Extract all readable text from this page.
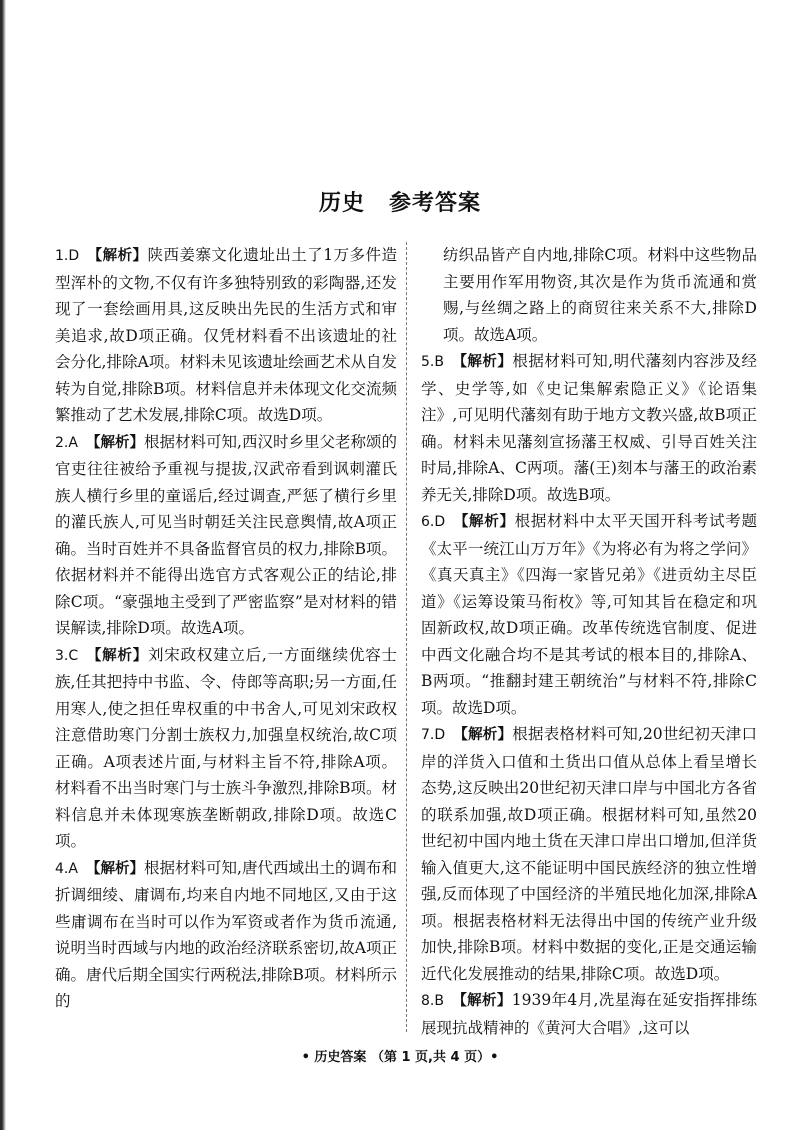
历史 参考答案
1.D 【解析】陕西姜寨文化遗址出土了1万多件造型浑朴的文物,不仅有许多独特别致的彩陶器,还发现了一套绘画用具,这反映出先民的生活方式和审美追求,故D项正确。仅凭材料看不出该遗址的社会分化,排除A项。材料未见该遗址绘画艺术从自发转为自觉,排除B项。材料信息并未体现文化交流频繁推动了艺术发展,排除C项。故选D项。
2.A 【解析】根据材料可知,西汉时乡里父老称颂的官吏往往被给予重视与提拔,汉武帝看到讽刺灌氏族人横行乡里的童谣后,经过调查,严惩了横行乡里的灌氏族人,可见当时朝廷关注民意舆情,故A项正确。当时百姓并不具备监督官员的权力,排除B项。依据材料并不能得出选官方式客观公正的结论,排除C项。“豪强地主受到了严密监察”是对材料的错误解读,排除D项。故选A项。
3.C 【解析】刘宋政权建立后,一方面继续优容士族,任其把持中书监、令、侍郎等高职;另一方面,任用寒人,使之担任卑权重的中书舍人,可见刘宋政权注意借助寒门分割士族权力,加强皇权统治,故C项正确。A项表述片面,与材料主旨不符,排除A项。材料看不出当时寒门与士族斗争激烈,排除B项。材料信息并未体现寒族垄断朝政,排除D项。故选C项。
4.A 【解析】根据材料可知,唐代西域出土的调布和折调细绫、庸调布,均来自内地不同地区,又由于这些庸调布在当时可以作为军资或者作为货币流通,说明当时西域与内地的政治经济联系密切,故A项正确。唐代后期全国实行两税法,排除B项。材料所示的
纺织品皆产自内地,排除C项。材料中这些物品主要用作军用物资,其次是作为货币流通和赏赐,与丝绸之路上的商贸往来关系不大,排除D项。故选A项。
5.B 【解析】根据材料可知,明代藩刻内容涉及经学、史学等,如《史记集解索隐正义》《论语集注》,可见明代藩刻有助于地方文教兴盛,故B项正确。材料未见藩刻宣扬藩王权威、引导百姓关注时局,排除A、C两项。藩(王)刻本与藩王的政治素养无关,排除D项。故选B项。
6.D 【解析】根据材料中太平天国开科考试考题《太平一统江山万万年》《为将必有为将之学问》《真天真主》《四海一家皆兄弟》《进贡幼主尽臣道》《运筹设策马衔枚》等,可知其旨在稳定和巩固新政权,故D项正确。改革传统选官制度、促进中西文化融合均不是其考试的根本目的,排除A、B两项。“推翻封建王朝统治”与材料不符,排除C项。故选D项。
7.D 【解析】根据表格材料可知,20世纪初天津口岸的洋货入口值和土货出口值从总体上看呈增长态势,这反映出20世纪初天津口岸与中国北方各省的联系加强,故D项正确。根据材料可知,虽然20世纪初中国内地土货在天津口岸出口增加,但洋货输入值更大,这不能证明中国民族经济的独立性增强,反而体现了中国经济的半殖民地化加深,排除A项。根据表格材料无法得出中国的传统产业升级加快,排除B项。材料中数据的变化,正是交通运输近代化发展推动的结果,排除C项。故选D项。
8.B 【解析】1939年4月,冼星海在延安指挥排练展现抗战精神的《黄河大合唱》,这可以
• 历史答案 （第 1 页,共 4 页）•
